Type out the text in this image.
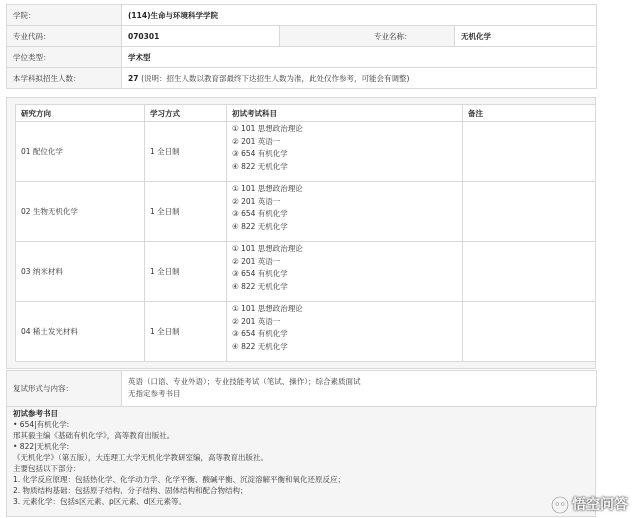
学院：	(114)生命与环境科学学院		
专业代码：	070301	专业名称：	无机化学
学位类型：	学术型		
本学科拟招生人数：	27 (说明：招生人数以教育部最终下达招生人数为准，此处仅作参考，可能会有调整)		
研究方向	学习方式	初试考试科目	备注
01 配位化学	1 全日制	① 101 思想政治理论
② 201 英语一
③ 654 有机化学
④ 822 无机化学	

02 生物无机化学	1 全日制	① 101 思想政治理论
② 201 英语一
③ 654 有机化学
④ 822 无机化学	

03 纳米材料	1 全日制	① 101 思想政治理论
② 201 英语一
③ 654 有机化学
④ 822 无机化学	

04 稀土发光材料	1 全日制	① 101 思想政治理论
② 201 英语一
③ 654 有机化学
④ 822 无机化学	

复试形式与内容：	
英语（口语、专业外语）；专业技能考试（笔试、操作）；综合素质面试
无指定参考书目
初试参考书目
• 654|有机化学:
邢其毅主编《基础有机化学》，高等教育出版社。
• 822|无机化学:
《无机化学》（第五版），大连理工大学无机化学教研室编，高等教育出版社。
主要包括以下部分：
1. 化学反应原理：包括热化学、化学动力学、化学平衡、酸碱平衡、沉淀溶解平衡和氧化还原反应；
2. 物质结构基础：包括原子结构、分子结构、固体结构和配合物结构；
3. 元素化学：包括s区元素、p区元素、d区元素等。	悟空问答
